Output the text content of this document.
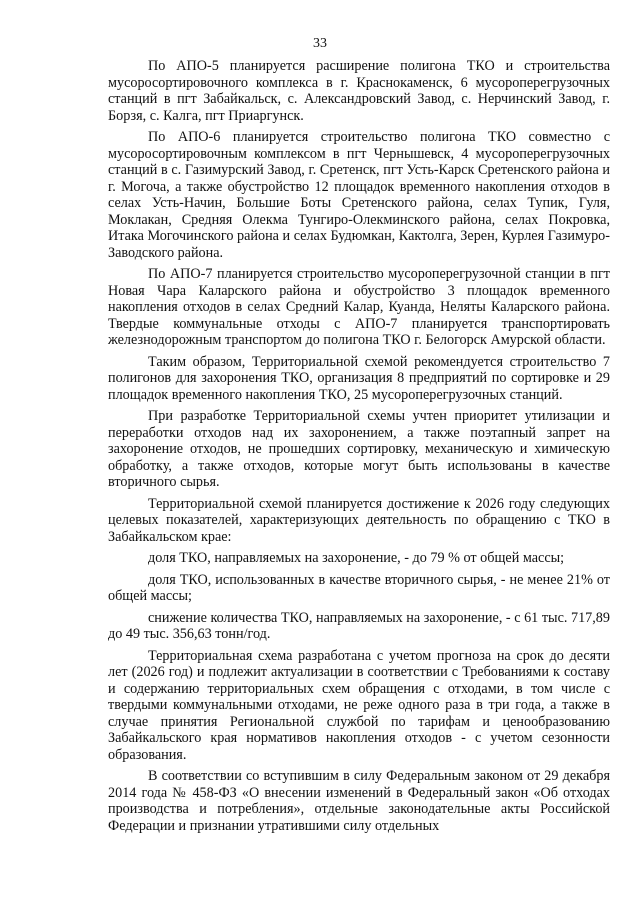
33

По АПО-5 планируется расширение полигона ТКО и строительства мусоросортировочного комплекса в г. Краснокаменск, 6 мусороперегрузочных станций в пгт Забайкальск, с. Александровский Завод, с. Нерчинский Завод, г. Борзя, с. Калга, пгт Приаргунск.

По АПО-6 планируется строительство полигона ТКО совместно с мусоросортировочным комплексом в пгт Чернышевск, 4 мусороперегрузочных станций в с. Газимурский Завод, г. Сретенск, пгт Усть-Карск Сретенского района и г. Могоча, а также обустройство 12 площадок временного накопления отходов в селах Усть-Начин, Большие Боты Сретенского района, селах Тупик, Гуля, Моклакан, Средняя Олекма Тунгиро-Олекминского района, селах Покровка, Итака Могочинского района и селах Будюмкан, Кактолга, Зерен, Курлея Газимуро-Заводского района.

По АПО-7 планируется строительство мусороперегрузочной станции в пгт Новая Чара Каларского района и обустройство 3 площадок временного накопления отходов в селах Средний Калар, Куанда, Неляты Каларского района. Твердые коммунальные отходы с АПО-7 планируется транспортировать железнодорожным транспортом до полигона ТКО г. Белогорск Амурской области.

Таким образом, Территориальной схемой рекомендуется строительство 7 полигонов для захоронения ТКО, организация 8 предприятий по сортировке и 29 площадок временного накопления ТКО, 25 мусороперегрузочных станций.

При разработке Территориальной схемы учтен приоритет утилизации и переработки отходов над их захоронением, а также поэтапный запрет на захоронение отходов, не прошедших сортировку, механическую и химическую обработку, а также отходов, которые могут быть использованы в качестве вторичного сырья.

Территориальной схемой планируется достижение к 2026 году следующих целевых показателей, характеризующих деятельность по обращению с ТКО в Забайкальском крае:

доля ТКО, направляемых на захоронение, - до 79 % от общей массы;

доля ТКО, использованных в качестве вторичного сырья, - не менее 21% от общей массы;

снижение количества ТКО, направляемых на захоронение, - с 61 тыс. 717,89 до 49 тыс. 356,63 тонн/год.

Территориальная схема разработана с учетом прогноза на срок до десяти лет (2026 год) и подлежит актуализации в соответствии с Требованиями к составу и содержанию территориальных схем обращения с отходами, в том числе с твердыми коммунальными отходами, не реже одного раза в три года, а также в случае принятия Региональной службой по тарифам и ценообразованию Забайкальского края нормативов накопления отходов - с учетом сезонности образования.

В соответствии со вступившим в силу Федеральным законом от 29 декабря 2014 года № 458-ФЗ «О внесении изменений в Федеральный закон «Об отходах производства и потребления», отдельные законодательные акты Российской Федерации и признании утратившими силу отдельных
